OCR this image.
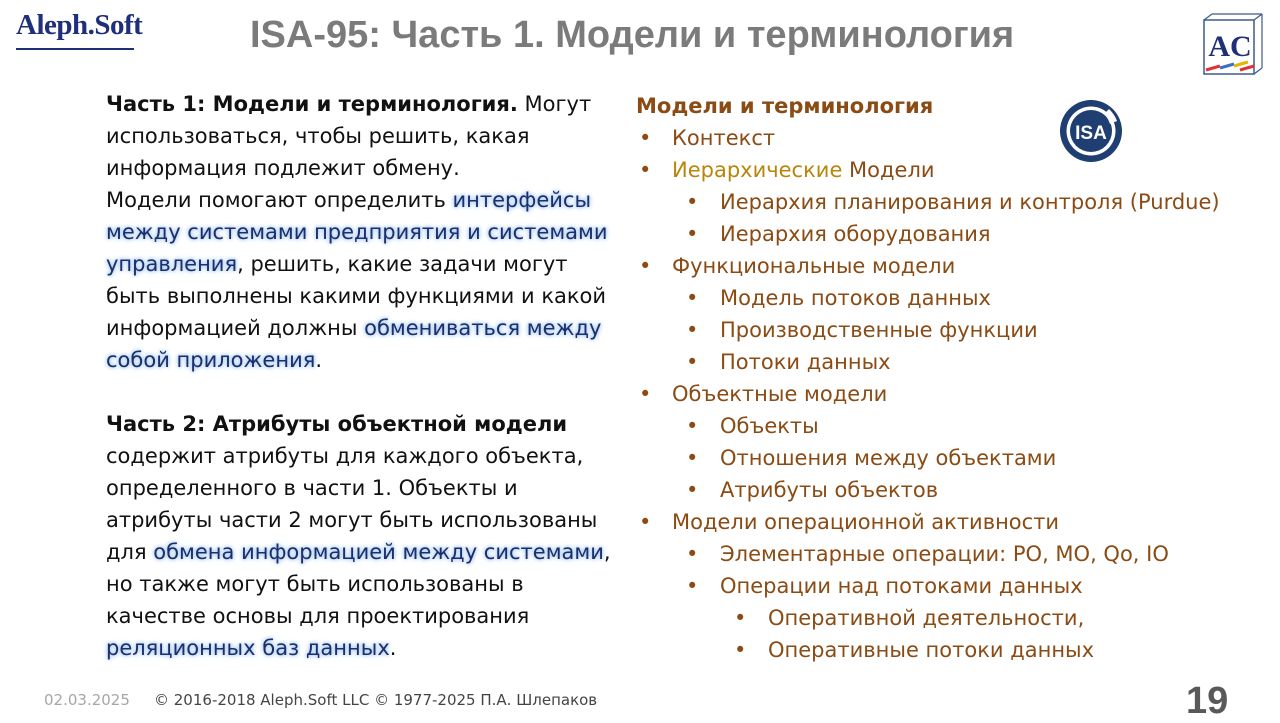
Aleph.Soft	ISA-95: Часть 1. Модели и терминология	AC

Часть 1: Модели и терминология. Могут использоваться, чтобы решить, какая информация подлежит обмену.

Модели помогают определить интерфейсы между системами предприятия и системами управления, решить, какие задачи могут быть выполнены какими функциями и какой информацией должны обмениваться между собой приложения.

Часть 2: Атрибуты объектной модели содержит атрибуты для каждого объекта, определенного в части 1. Объекты и атрибуты части 2 могут быть использованы для обмена информацией между системами, но также могут быть использованы в качестве основы для проектирования реляционных баз данных.

Модели и терминология
• Контекст
• Иерархические Модели
• Иерархия планирования и контроля (Purdue)
• Иерархия оборудования
• Функциональные модели
• Модель потоков данных
• Производственные функции
• Потоки данных
• Объектные модели
• Объекты
• Отношения между объектами
• Атрибуты объектов
• Модели операционной активности
• Элементарные операции: PO, MO, Qo, IO
• Операции над потоками данных
• Оперативной деятельности,
• Оперативные потоки данных
ISA
02.03.2025 © 2016-2018 Aleph.Soft LLC © 1977-2025 П.А. Шлепаков	19
